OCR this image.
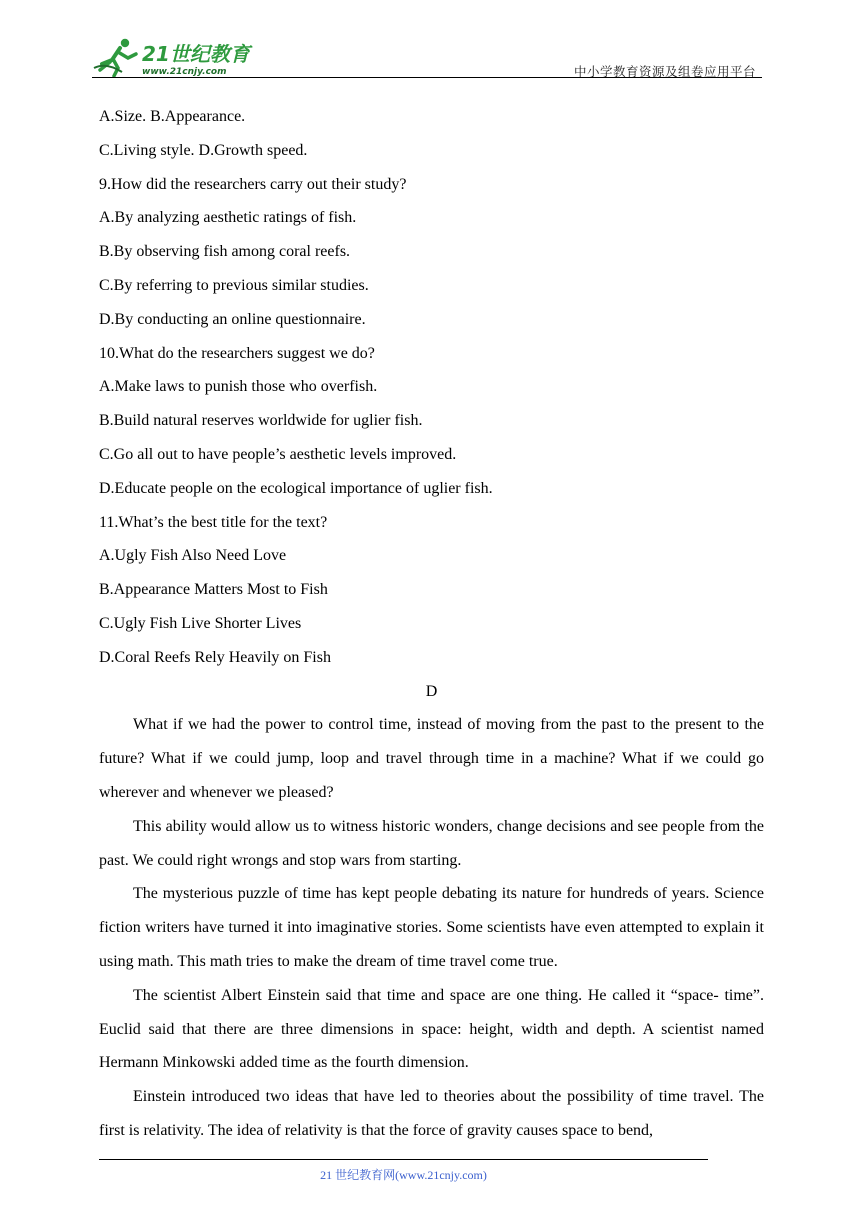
21世纪教育
www.21cnjy.com	中小学教育资源及组卷应用平台
A.Size. B.Appearance.
C.Living style. D.Growth speed.
9.How did the researchers carry out their study?
A.By analyzing aesthetic ratings of fish.
B.By observing fish among coral reefs.
C.By referring to previous similar studies.
D.By conducting an online questionnaire.
10.What do the researchers suggest we do?
A.Make laws to punish those who overfish.
B.Build natural reserves worldwide for uglier fish.
C.Go all out to have people’s aesthetic levels improved.
D.Educate people on the ecological importance of uglier fish.
11.What’s the best title for the text?
A.Ugly Fish Also Need Love
B.Appearance Matters Most to Fish
C.Ugly Fish Live Shorter Lives
D.Coral Reefs Rely Heavily on Fish
D
What if we had the power to control time, instead of moving from the past to the present to the future? What if we could jump, loop and travel through time in a machine? What if we could go wherever and whenever we pleased?
This ability would allow us to witness historic wonders, change decisions and see people from the past. We could right wrongs and stop wars from starting.
The mysterious puzzle of time has kept people debating its nature for hundreds of years. Science fiction writers have turned it into imaginative stories. Some scientists have even attempted to explain it using math. This math tries to make the dream of time travel come true.
The scientist Albert Einstein said that time and space are one thing. He called it “space‑ time”. Euclid said that there are three dimensions in space: height, width and depth. A scientist named Hermann Minkowski added time as the fourth dimension.
Einstein introduced two ideas that have led to theories about the possibility of time travel. The first is relativity. The idea of relativity is that the force of gravity causes space to bend,
21 世纪教育网(www.21cnjy.com)
